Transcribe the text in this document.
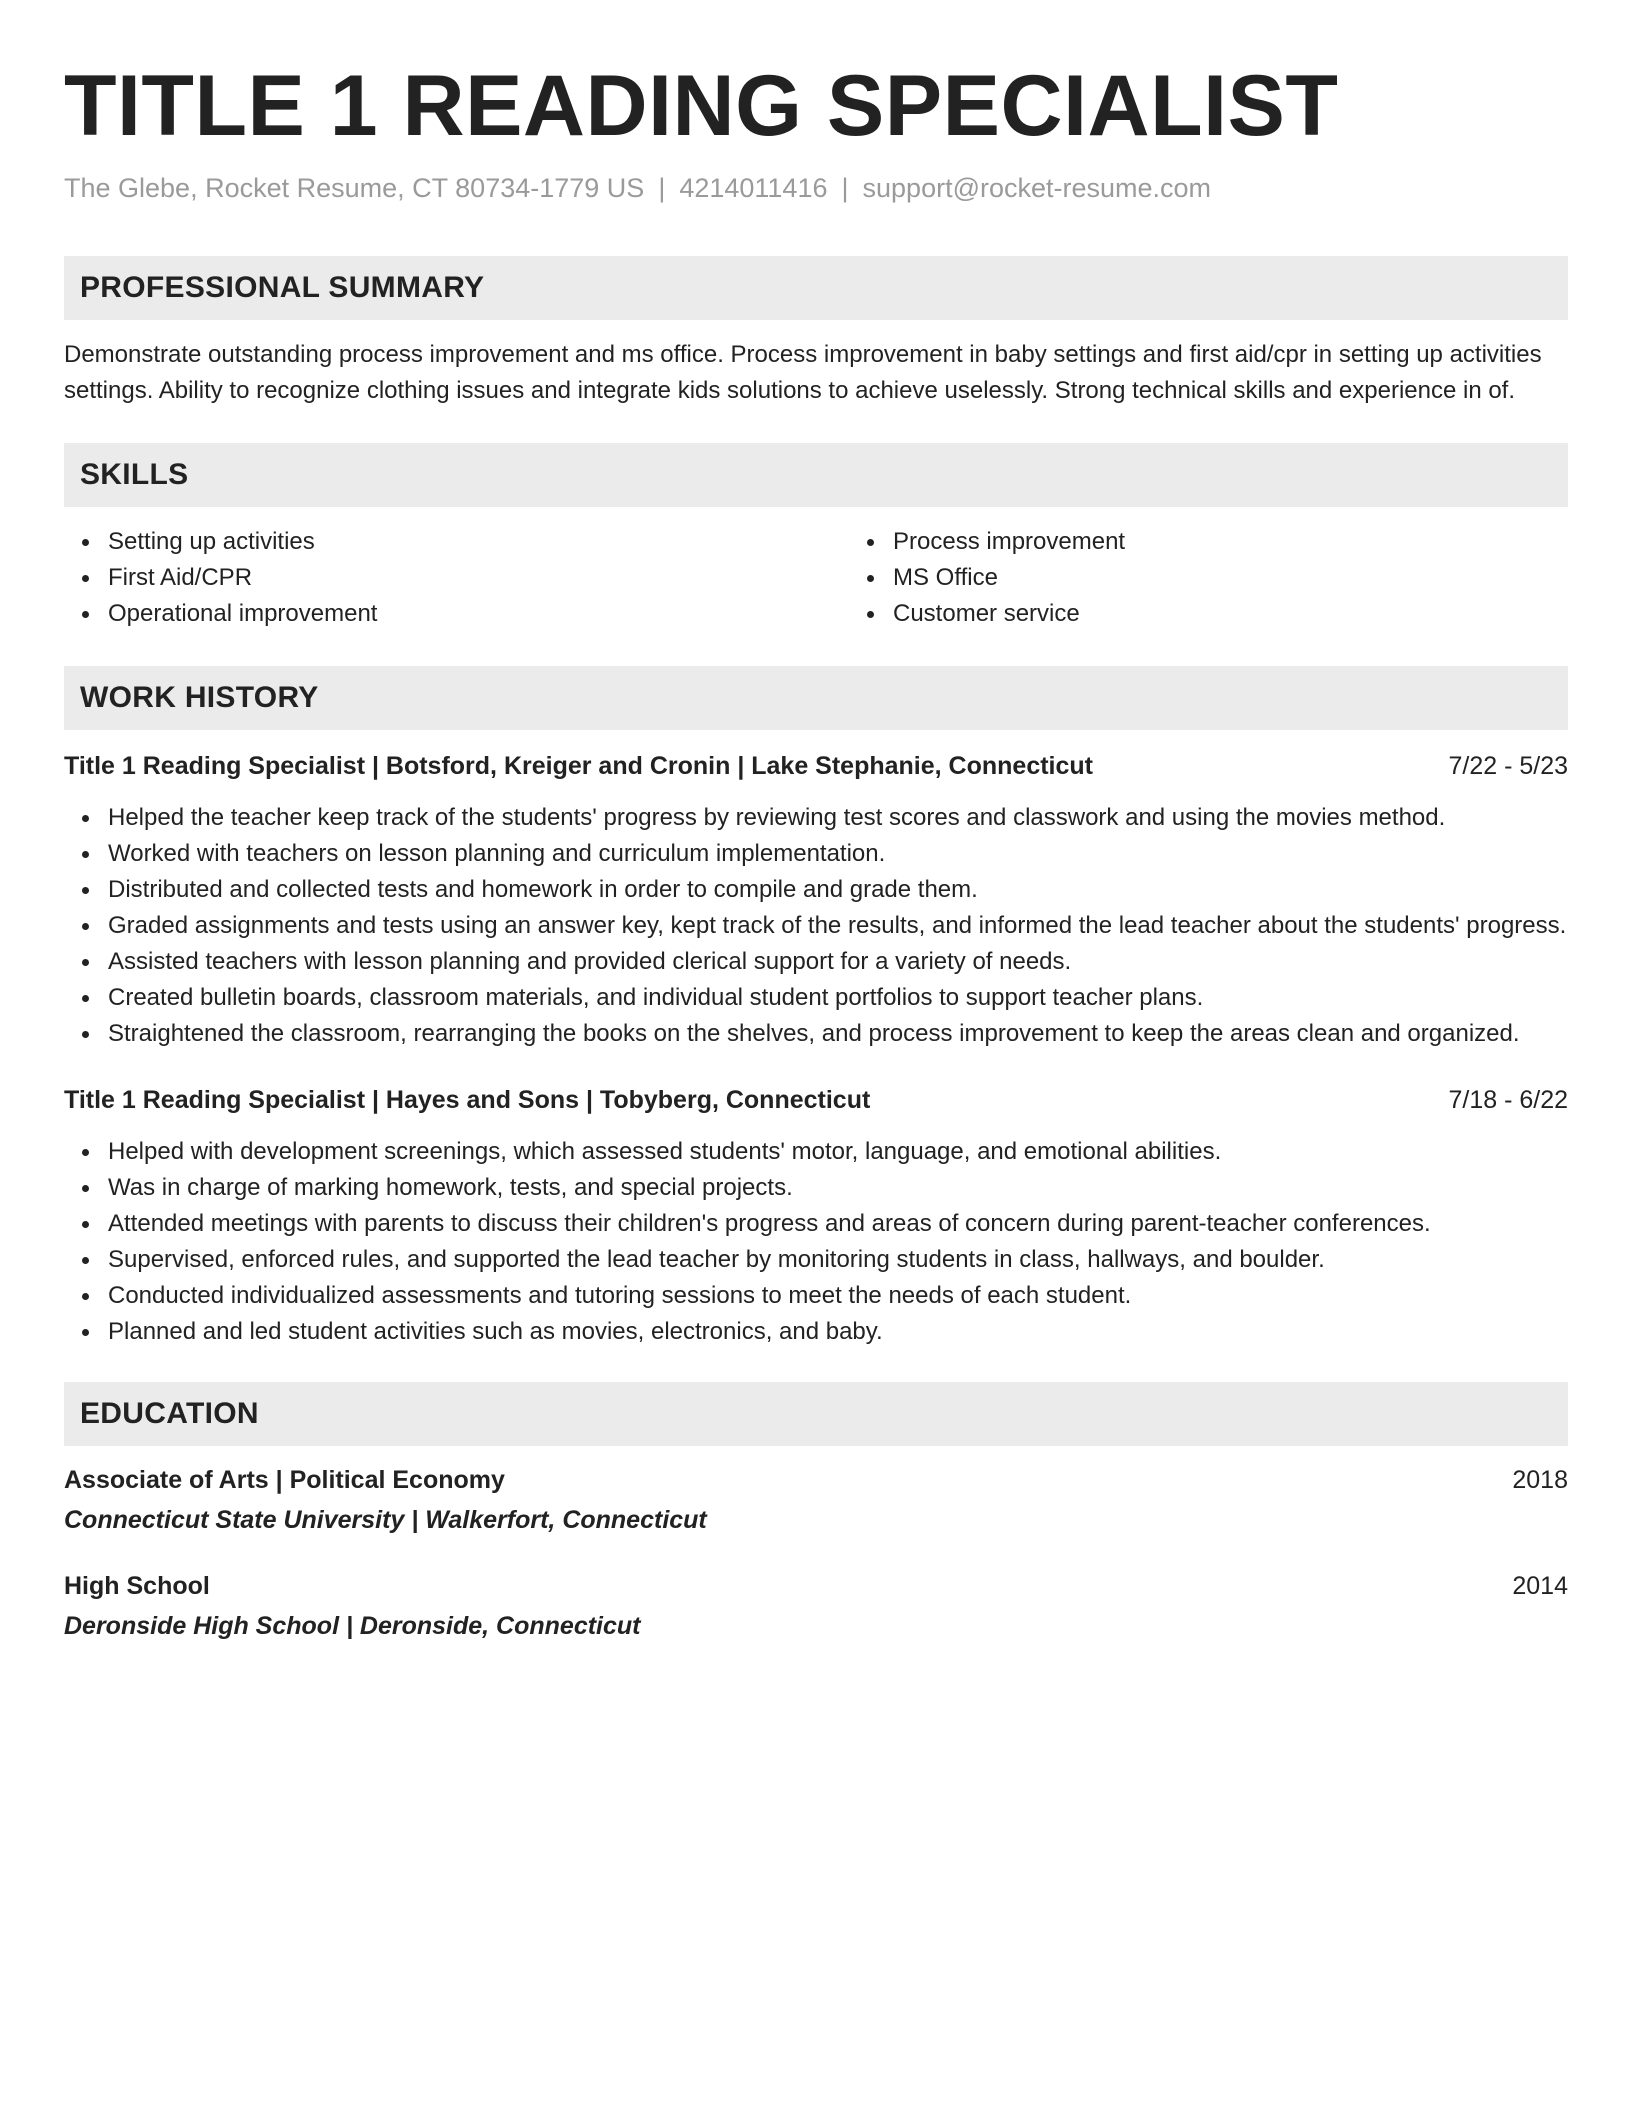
TITLE 1 READING SPECIALIST
The Glebe, Rocket Resume, CT 80734-1779 US | 4214011416 | support@rocket-resume.com
PROFESSIONAL SUMMARY
Demonstrate outstanding process improvement and ms office. Process improvement in baby settings and first aid/cpr in setting up activities settings. Ability to recognize clothing issues and integrate kids solutions to achieve uselessly. Strong technical skills and experience in of.
SKILLS
Setting up activities
First Aid/CPR
Operational improvement
Process improvement
MS Office
Customer service
WORK HISTORY
Title 1 Reading Specialist | Botsford, Kreiger and Cronin | Lake Stephanie, Connecticut	7/22 - 5/23
Helped the teacher keep track of the students' progress by reviewing test scores and classwork and using the movies method.
Worked with teachers on lesson planning and curriculum implementation.
Distributed and collected tests and homework in order to compile and grade them.
Graded assignments and tests using an answer key, kept track of the results, and informed the lead teacher about the students' progress.
Assisted teachers with lesson planning and provided clerical support for a variety of needs.
Created bulletin boards, classroom materials, and individual student portfolios to support teacher plans.
Straightened the classroom, rearranging the books on the shelves, and process improvement to keep the areas clean and organized.
Title 1 Reading Specialist | Hayes and Sons | Tobyberg, Connecticut	7/18 - 6/22
Helped with development screenings, which assessed students' motor, language, and emotional abilities.
Was in charge of marking homework, tests, and special projects.
Attended meetings with parents to discuss their children's progress and areas of concern during parent-teacher conferences.
Supervised, enforced rules, and supported the lead teacher by monitoring students in class, hallways, and boulder.
Conducted individualized assessments and tutoring sessions to meet the needs of each student.
Planned and led student activities such as movies, electronics, and baby.
EDUCATION
Associate of Arts | Political Economy	2018
Connecticut State University | Walkerfort, Connecticut
High School	2014
Deronside High School | Deronside, Connecticut
